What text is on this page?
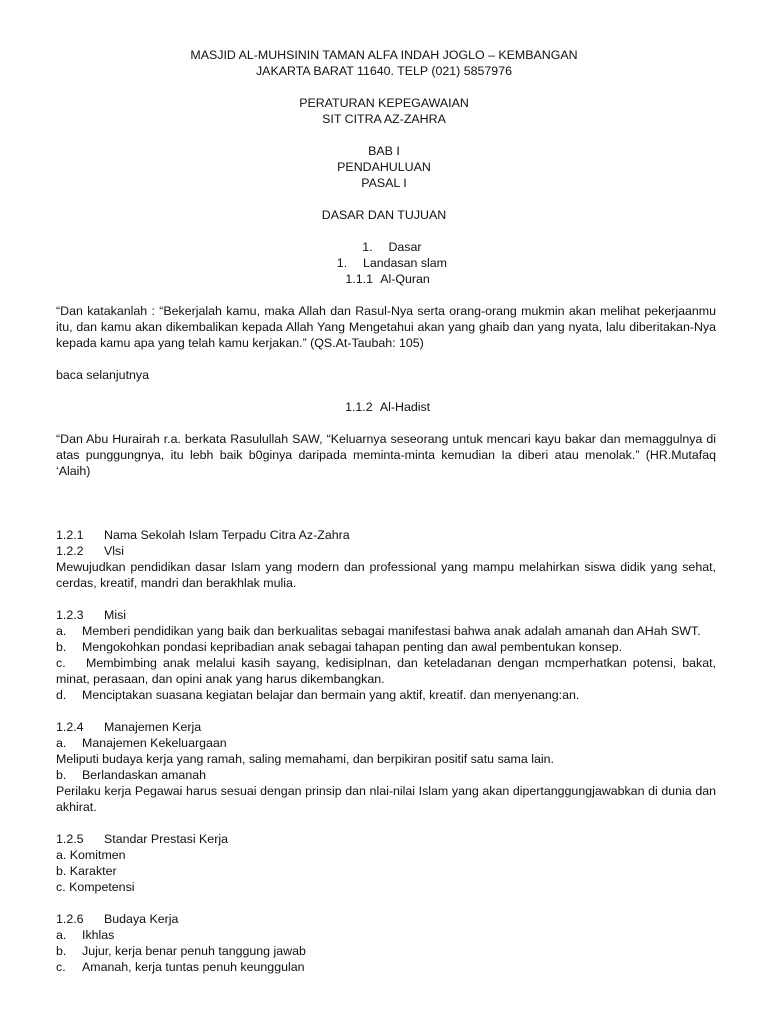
MASJID AL-MUHSININ TAMAN ALFA INDAH JOGLO – KEMBANGAN
JAKARTA BARAT 11640. TELP (021) 5857976
PERATURAN KEPEGAWAIAN
SIT CITRA AZ-ZAHRA
BAB I
PENDAHULUAN
PASAL I
DASAR DAN TUJUAN
1. Dasar
1. Landasan slam
1.1.1 Al-Quran
“Dan katakanlah : “Bekerjalah kamu, maka Allah dan Rasul-Nya serta orang-orang mukmin akan melihat pekerjaanmu itu, dan kamu akan dikembalikan kepada Allah Yang Mengetahui akan yang ghaib dan yang nyata, lalu diberitakan-Nya kepada kamu apa yang telah kamu kerjakan.” (QS.At-Taubah: 105)
baca selanjutnya
1.1.2 Al-Hadist
“Dan Abu Hurairah r.a. berkata Rasulullah SAW, “Keluarnya seseorang untuk mencari kayu bakar dan memaggulnya di atas punggungnya, itu lebh baik b0ginya daripada meminta-minta kemudian Ia diberi atau menolak.” (HR.Mutafaq ‘Alaih)
1.2.1 Nama Sekolah Islam Terpadu Citra Az-Zahra
1.2.2 Vlsi
Mewujudkan pendidikan dasar Islam yang modern dan professional yang mampu melahirkan siswa didik yang sehat, cerdas, kreatif, mandri dan berakhlak mulia.
1.2.3 Misi
a. Memberi pendidikan yang baik dan berkualitas sebagai manifestasi bahwa anak adalah amanah dan AHah SWT.
b. Mengokohkan pondasi kepribadian anak sebagai tahapan penting dan awal pembentukan konsep.
c. Membimbing anak melalui kasih sayang, kedisiplnan, dan keteladanan dengan mcmperhatkan potensi, bakat, minat, perasaan, dan opini anak yang harus dikembangkan.
d. Menciptakan suasana kegiatan belajar dan bermain yang aktif, kreatif. dan menyenang:an.
1.2.4 Manajemen Kerja
a. Manajemen Kekeluargaan
Meliputi budaya kerja yang ramah, saling memahami, dan berpikiran positif satu sama lain.
b. Berlandaskan amanah
Perilaku kerja Pegawai harus sesuai dengan prinsip dan nlai-nilai Islam yang akan dipertanggungjawabkan di dunia dan akhirat.
1.2.5 Standar Prestasi Kerja
a. Komitmen
b. Karakter
c. Kompetensi
1.2.6 Budaya Kerja
a. Ikhlas
b. Jujur, kerja benar penuh tanggung jawab
c. Amanah, kerja tuntas penuh keunggulan
